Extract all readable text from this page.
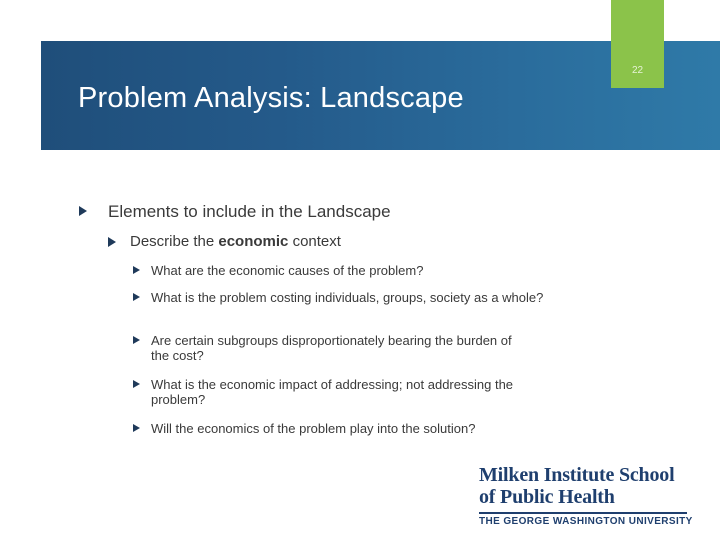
22
Problem Analysis: Landscape
Elements to include in the Landscape
Describe the economic context
What are the economic causes of the problem?
What is the problem costing individuals, groups, society as a whole?
Are certain subgroups disproportionately bearing the burden of the cost?
What is the economic impact of addressing; not addressing the problem?
Will the economics of the problem play into the solution?
Milken Institute School
of Public Health
THE GEORGE WASHINGTON UNIVERSITY
